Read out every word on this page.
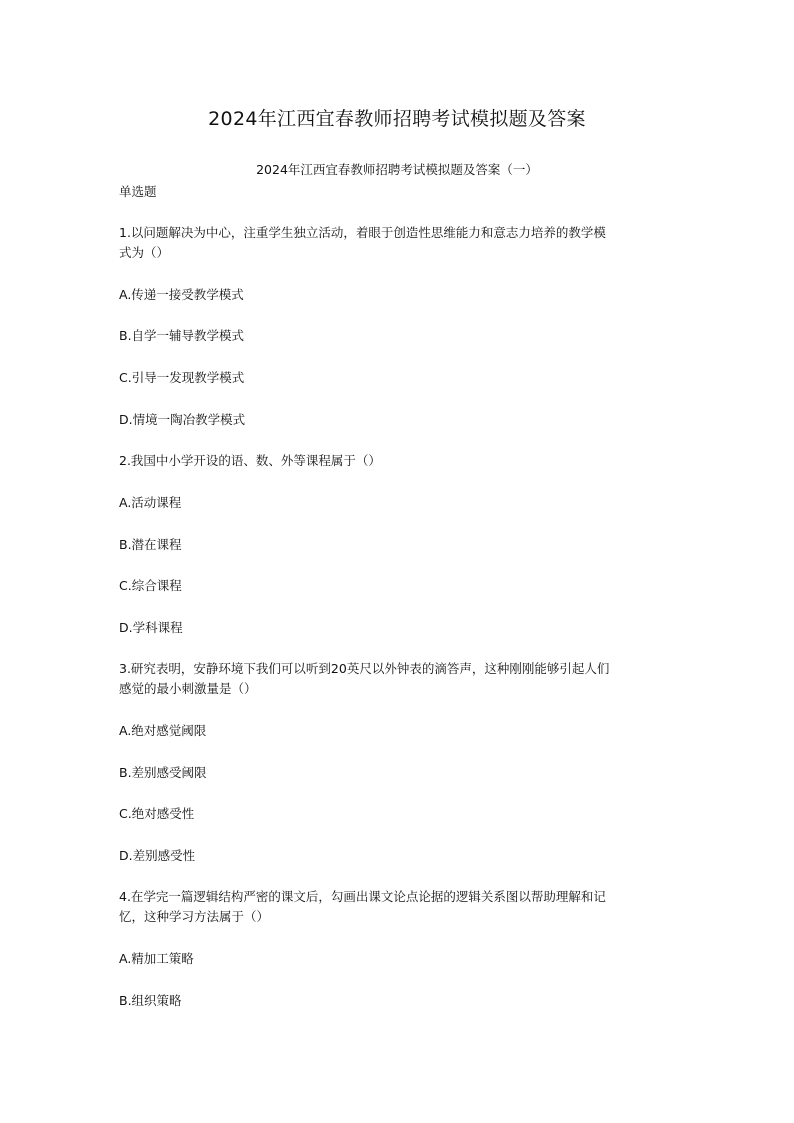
2024年江西宜春教师招聘考试模拟题及答案
2024年江西宜春教师招聘考试模拟题及答案（一）
单选题
1.以问题解决为中心，注重学生独立活动，着眼于创造性思维能力和意志力培养的教学模
式为（）
A.传递一接受教学模式
B.自学一辅导教学模式
C.引导一发现教学模式
D.情境一陶冶教学模式
2.我国中小学开设的语、数、外等课程属于（）
A.活动课程
B.潜在课程
C.综合课程
D.学科课程
3.研究表明，安静环境下我们可以听到20英尺以外钟表的滴答声，这种刚刚能够引起人们
感觉的最小刺激量是（）
A.绝对感觉阈限
B.差别感受阈限
C.绝对感受性
D.差别感受性
4.在学完一篇逻辑结构严密的课文后，勾画出课文论点论据的逻辑关系图以帮助理解和记
忆，这种学习方法属于（）
A.精加工策略
B.组织策略
